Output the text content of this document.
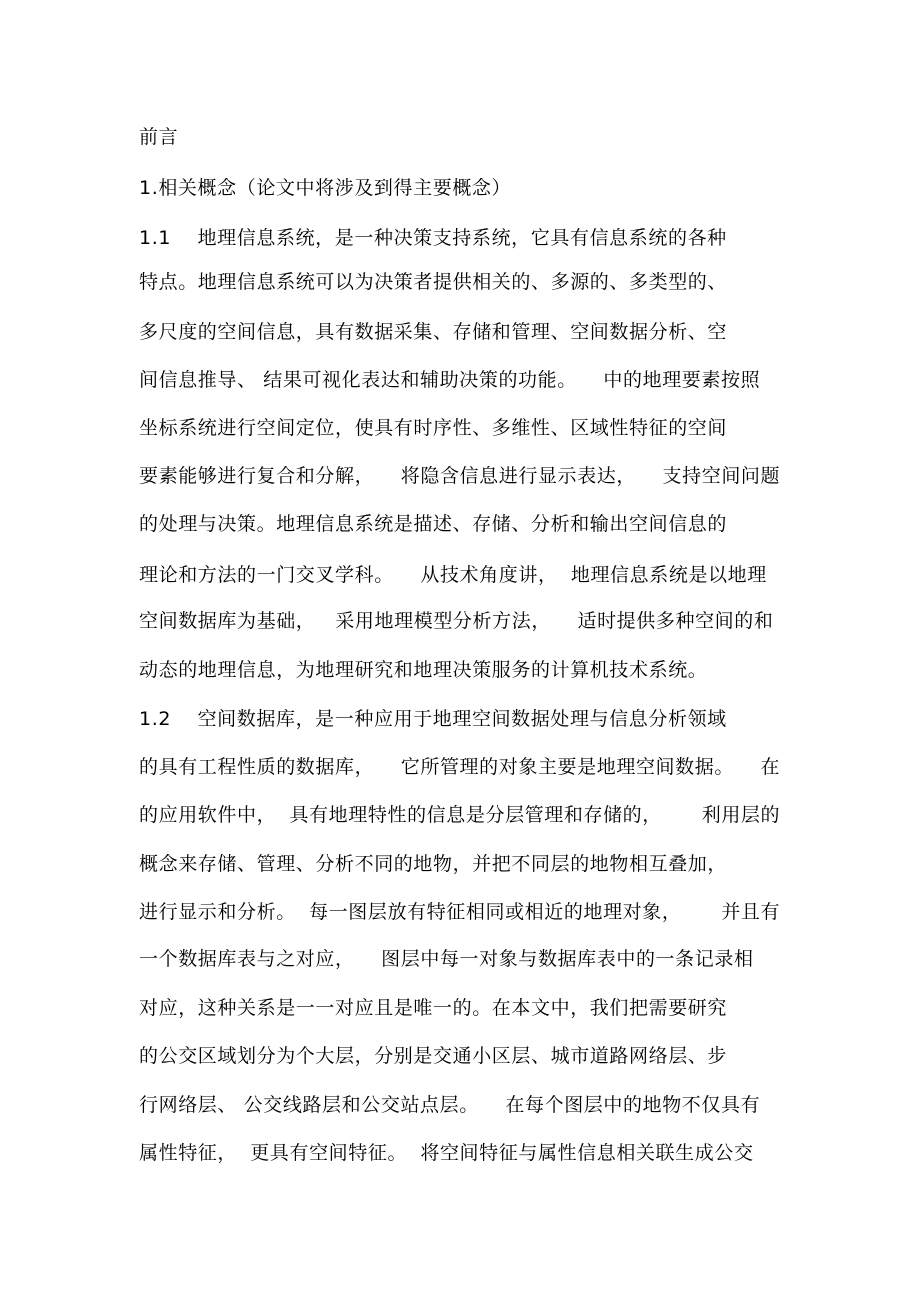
前言
1.相关概念（论文中将涉及到得主要概念）
1.1    地理信息系统，是一种决策支持系统，它具有信息系统的各种
特点。地理信息系统可以为决策者提供相关的、多源的、多类型的、
多尺度的空间信息，具有数据采集、存储和管理、空间数据分析、空
间信息推导、 结果可视化表达和辅助决策的功能。    中的地理要素按照
坐标系统进行空间定位，使具有时序性、多维性、区域性特征的空间
要素能够进行复合和分解，    将隐含信息进行显示表达，    支持空间问题
的处理与决策。地理信息系统是描述、存储、分析和输出空间信息的
理论和方法的一门交叉学科。    从技术角度讲，  地理信息系统是以地理
空间数据库为基础，   采用地理模型分析方法，    适时提供多种空间的和
动态的地理信息，为地理研究和地理决策服务的计算机技术系统。
1.2    空间数据库，是一种应用于地理空间数据处理与信息分析领域
的具有工程性质的数据库，    它所管理的对象主要是地理空间数据。    在
的应用软件中，  具有地理特性的信息是分层管理和存储的，      利用层的
概念来存储、管理、分析不同的地物，并把不同层的地物相互叠加，
进行显示和分析。  每一图层放有特征相同或相近的地理对象，      并且有
一个数据库表与之对应，    图层中每一对象与数据库表中的一条记录相
对应，这种关系是一一对应且是唯一的。在本文中，我们把需要研究
的公交区域划分为个大层，分别是交通小区层、城市道路网络层、步
行网络层、 公交线路层和公交站点层。    在每个图层中的地物不仅具有
属性特征，  更具有空间特征。  将空间特征与属性信息相关联生成公交
